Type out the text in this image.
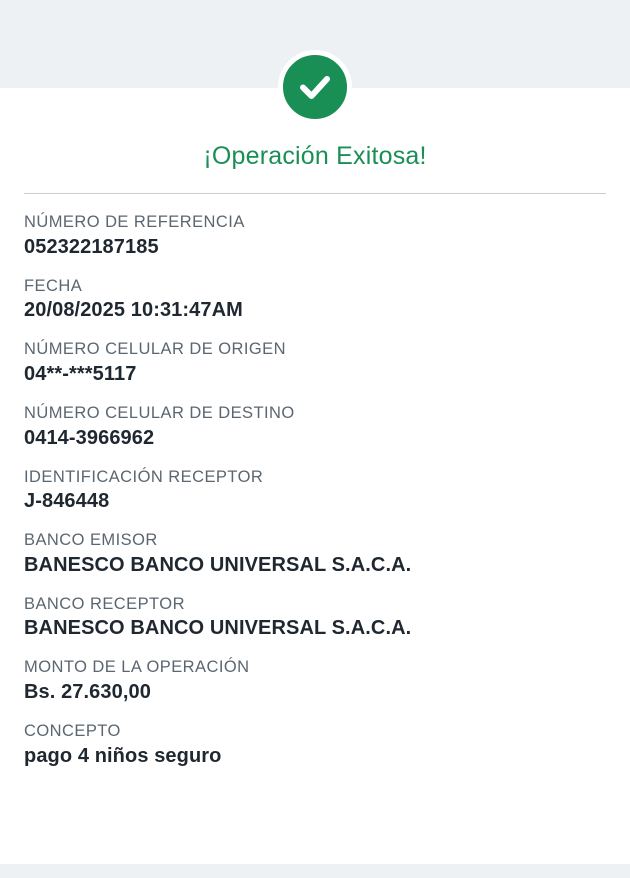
¡Operación Exitosa!
NÚMERO DE REFERENCIA
052322187185
FECHA
20/08/2025 10:31:47AM
NÚMERO CELULAR DE ORIGEN
04**-***5117
NÚMERO CELULAR DE DESTINO
0414-3966962
IDENTIFICACIÓN RECEPTOR
J-846448
BANCO EMISOR
BANESCO BANCO UNIVERSAL S.A.C.A.
BANCO RECEPTOR
BANESCO BANCO UNIVERSAL S.A.C.A.
MONTO DE LA OPERACIÓN
Bs. 27.630,00
CONCEPTO
pago 4 niños seguro
